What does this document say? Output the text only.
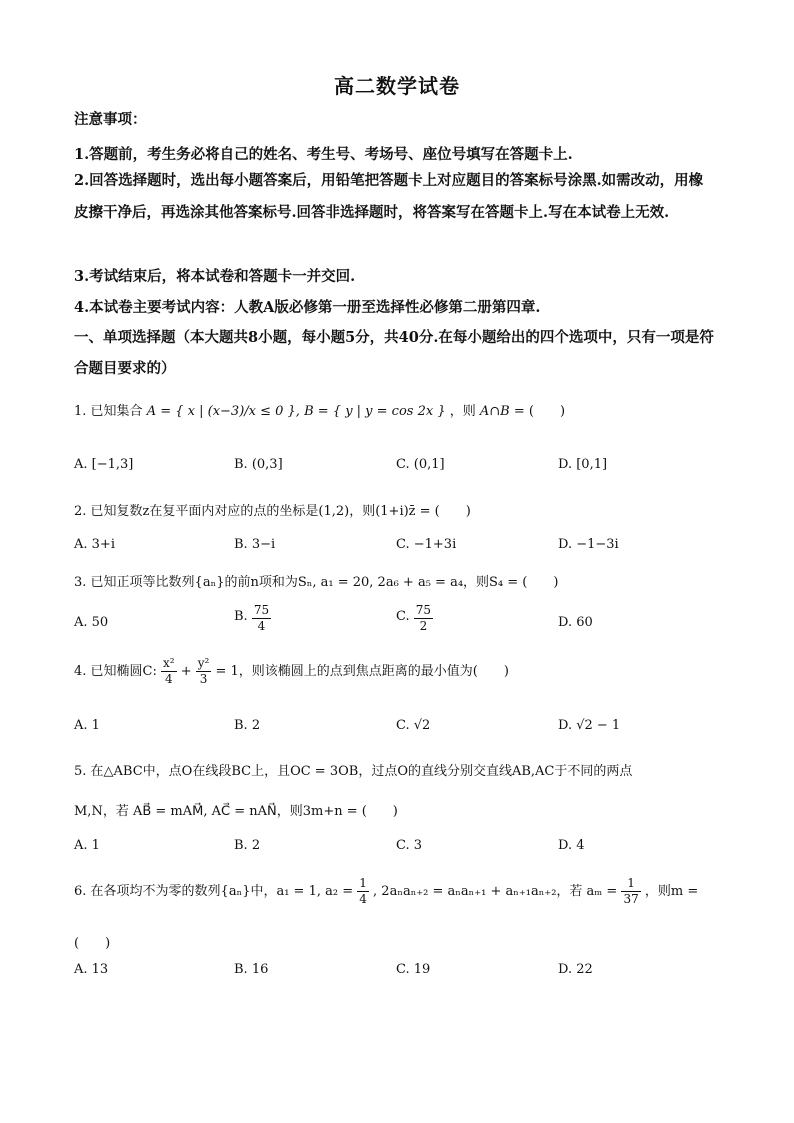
高二数学试卷
注意事项：
1.答题前，考生务必将自己的姓名、考生号、考场号、座位号填写在答题卡上.
2.回答选择题时，选出每小题答案后，用铅笔把答题卡上对应题目的答案标号涂黑.如需改动，用橡皮擦干净后，再选涂其他答案标号.回答非选择题时，将答案写在答题卡上.写在本试卷上无效.
3.考试结束后，将本试卷和答题卡一并交回.
4.本试卷主要考试内容：人教A版必修第一册至选择性必修第二册第四章.
一、单项选择题（本大题共8小题，每小题5分，共40分.在每小题给出的四个选项中，只有一项是符合题目要求的）
1. 已知集合 A = { x | (x−3)/x ≤ 0 }, B = { y | y = cos 2x } ，则 A∩B = (　　)
A. [−1,3]	B. (0,3]	C. (0,1]	D. [0,1]
2. 已知复数z在复平面内对应的点的坐标是(1,2)，则(1+i)z̄ = (　　)
A. 3+i	B. 3−i	C. −1+3i	D. −1−3i
3. 已知正项等比数列{aₙ}的前n项和为Sₙ, a₁ = 20, 2a₆ + a₅ = a₄，则S₄ = (　　)
A. 50	B. $\frac{75}{4}$	C. $\frac{75}{2}$	D. 60
4. 已知椭圆C: $\frac{\text{x²}}{4} + \frac{\text{y²}}{3} = 1$，则该椭圆上的点到焦点距离的最小值为(　　)
A. 1	B. 2	C. √2	D. √2 − 1
5. 在△ABC中，点O在线段BC上，且OC = 3OB，过点O的直线分别交直线AB,AC于不同的两点
M,N，若 AB⃗ = mAM⃗, AC⃗ = nAN⃗，则3m+n = (　　)
A. 1	B. 2	C. 3	D. 4
6. 在各项均不为零的数列{aₙ}中，a₁ = 1, $a_2 = \frac{1}{4}$ , 2aₙaₙ₊₂ = aₙaₙ₊₁ + aₙ₊₁aₙ₊₂，若 $a_m = \frac{1}{37}$ ，则m =
(　　)
A. 13	B. 16	C. 19	D. 22
